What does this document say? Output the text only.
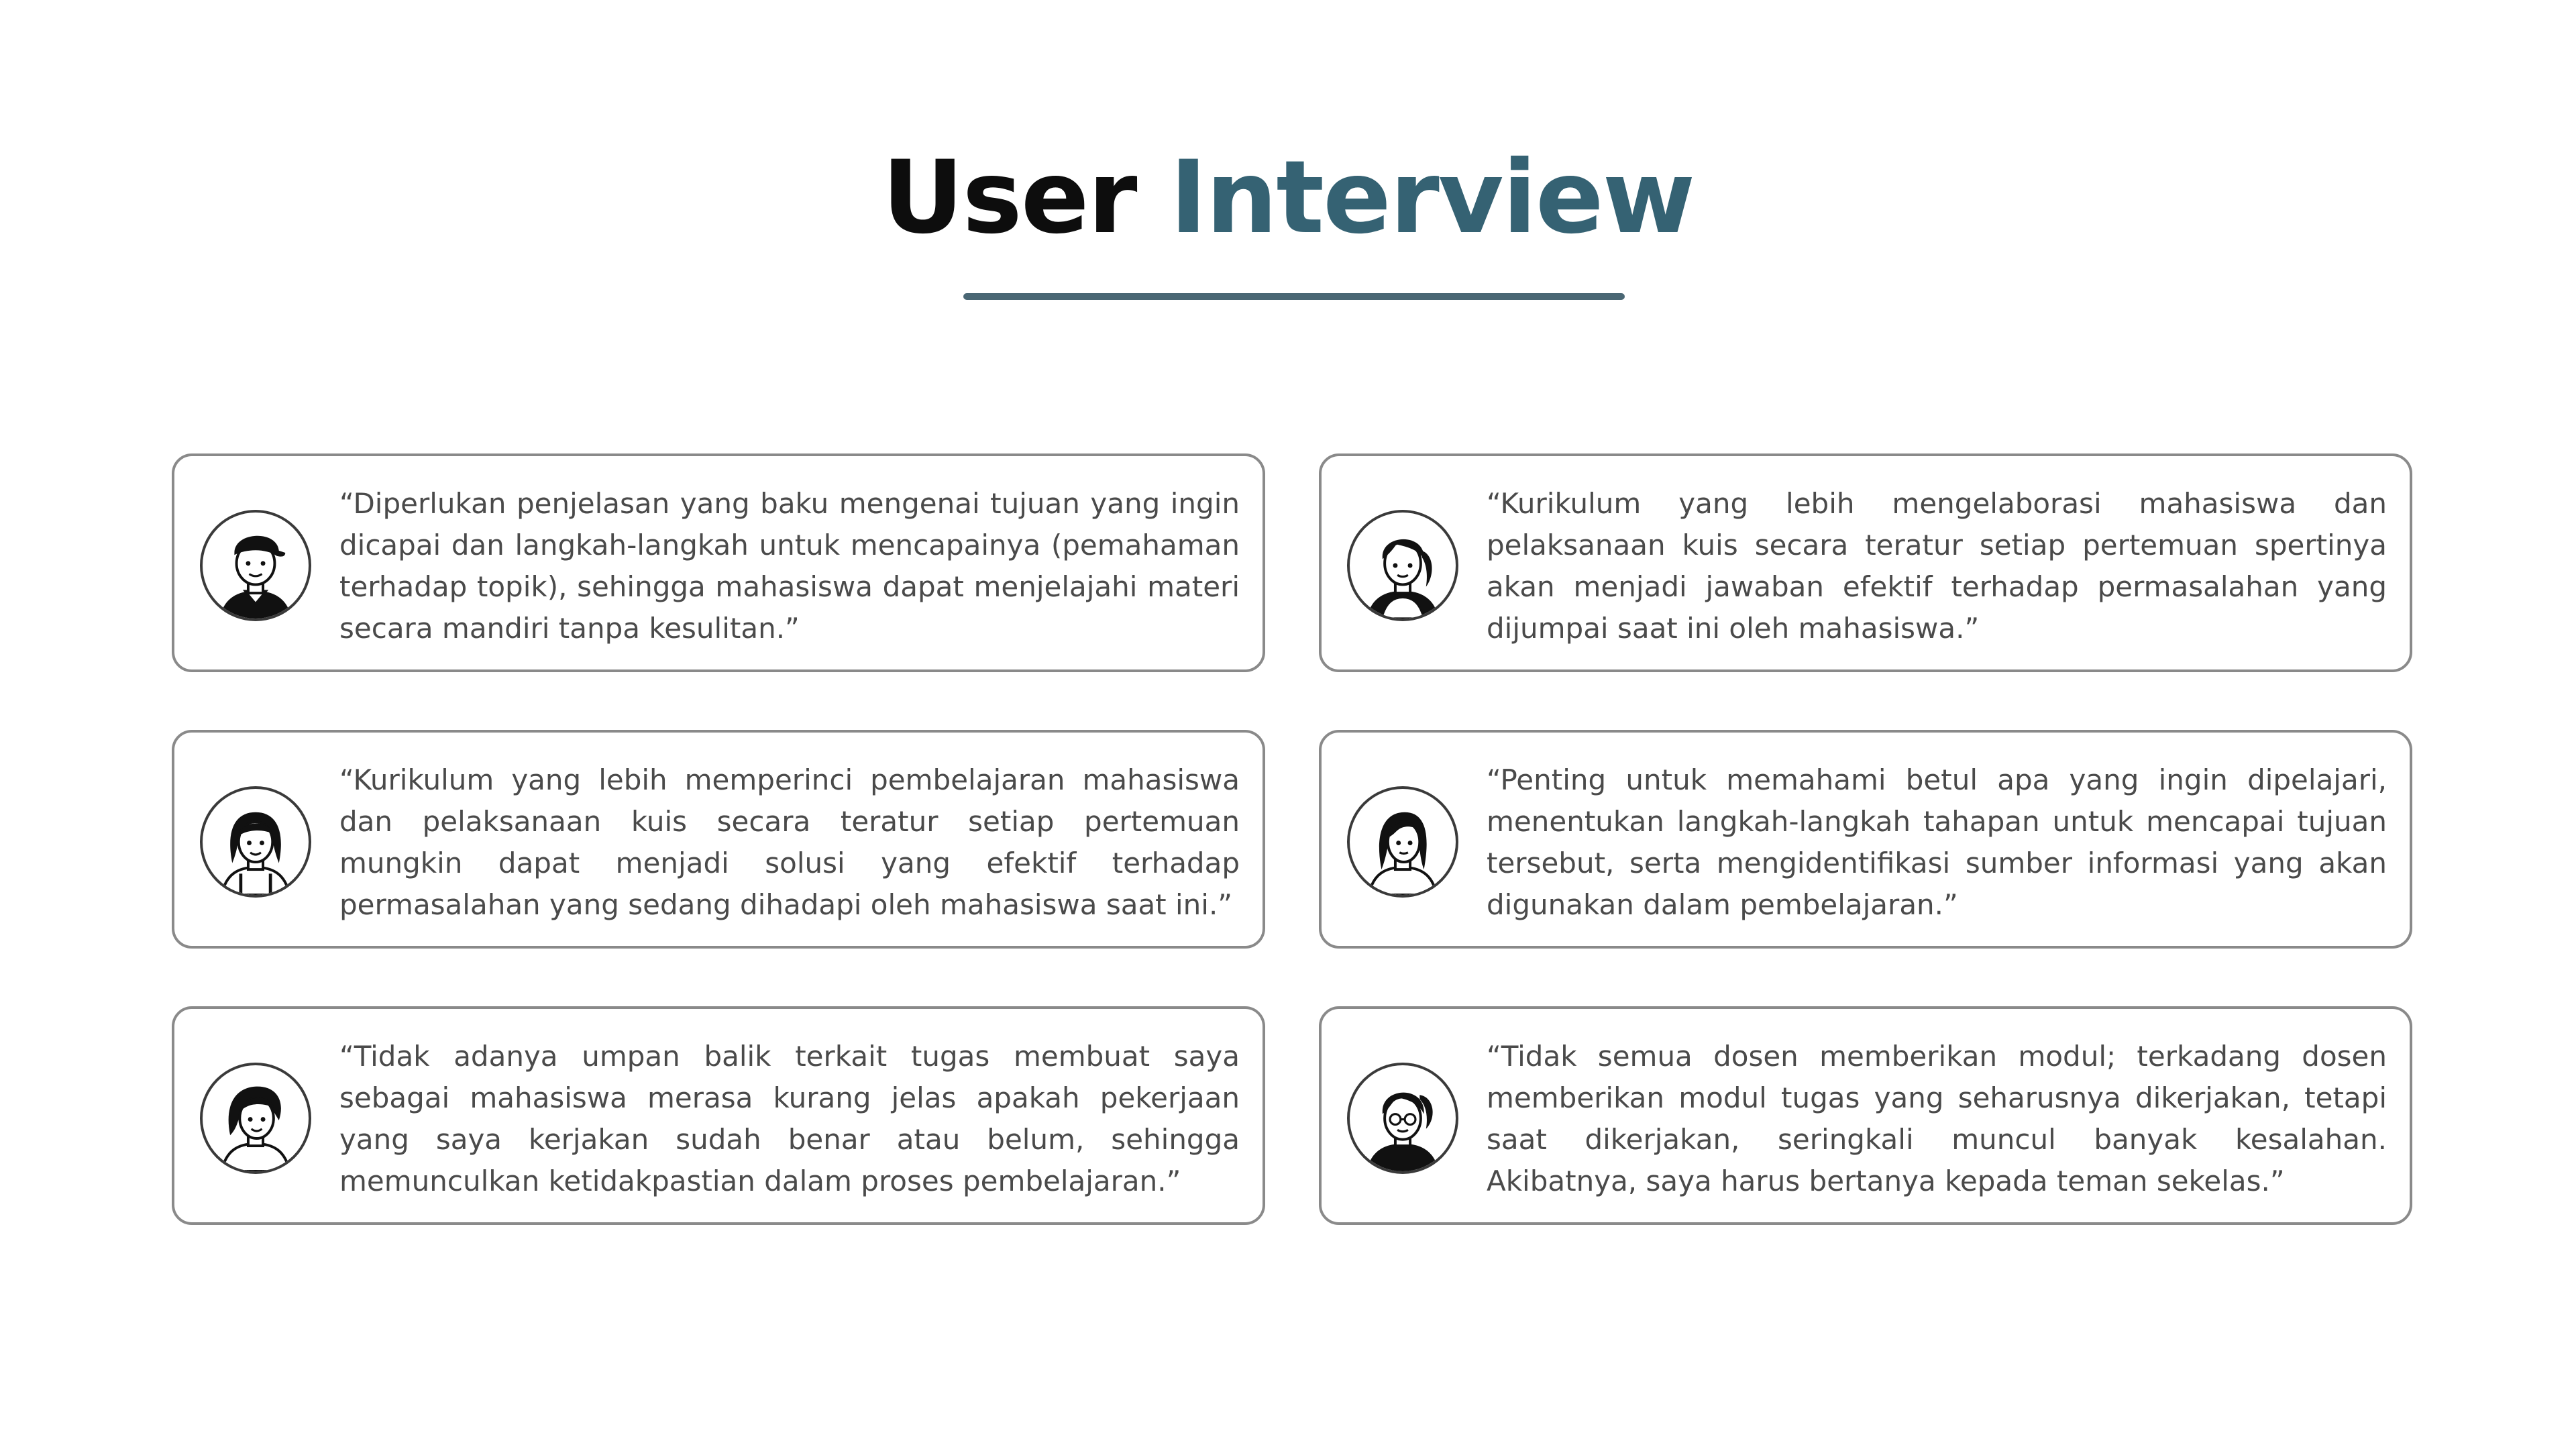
User Interview

“Diperlukan penjelasan yang baku mengenai tujuan yang ingin dicapai dan langkah-langkah untuk mencapainya (pemahaman terhadap topik), sehingga mahasiswa dapat menjelajahi materi secara mandiri tanpa kesulitan.”

“Kurikulum yang lebih mengelaborasi mahasiswa dan pelaksanaan kuis secara teratur setiap pertemuan spertinya akan menjadi jawaban efektif terhadap permasalahan yang dijumpai saat ini oleh mahasiswa.”

“Kurikulum yang lebih memperinci pembelajaran mahasiswa dan pelaksanaan kuis secara teratur setiap pertemuan mungkin dapat menjadi solusi yang efektif terhadap permasalahan yang sedang dihadapi oleh mahasiswa saat ini.”

“Penting untuk memahami betul apa yang ingin dipelajari, menentukan langkah-langkah tahapan untuk mencapai tujuan tersebut, serta mengidentifikasi sumber informasi yang akan digunakan dalam pembelajaran.”

“Tidak adanya umpan balik terkait tugas membuat saya sebagai mahasiswa merasa kurang jelas apakah pekerjaan yang saya kerjakan sudah benar atau belum, sehingga memunculkan ketidakpastian dalam proses pembelajaran.”

“Tidak semua dosen memberikan modul; terkadang dosen memberikan modul tugas yang seharusnya dikerjakan, tetapi saat dikerjakan, seringkali muncul banyak kesalahan. Akibatnya, saya harus bertanya kepada teman sekelas.”
